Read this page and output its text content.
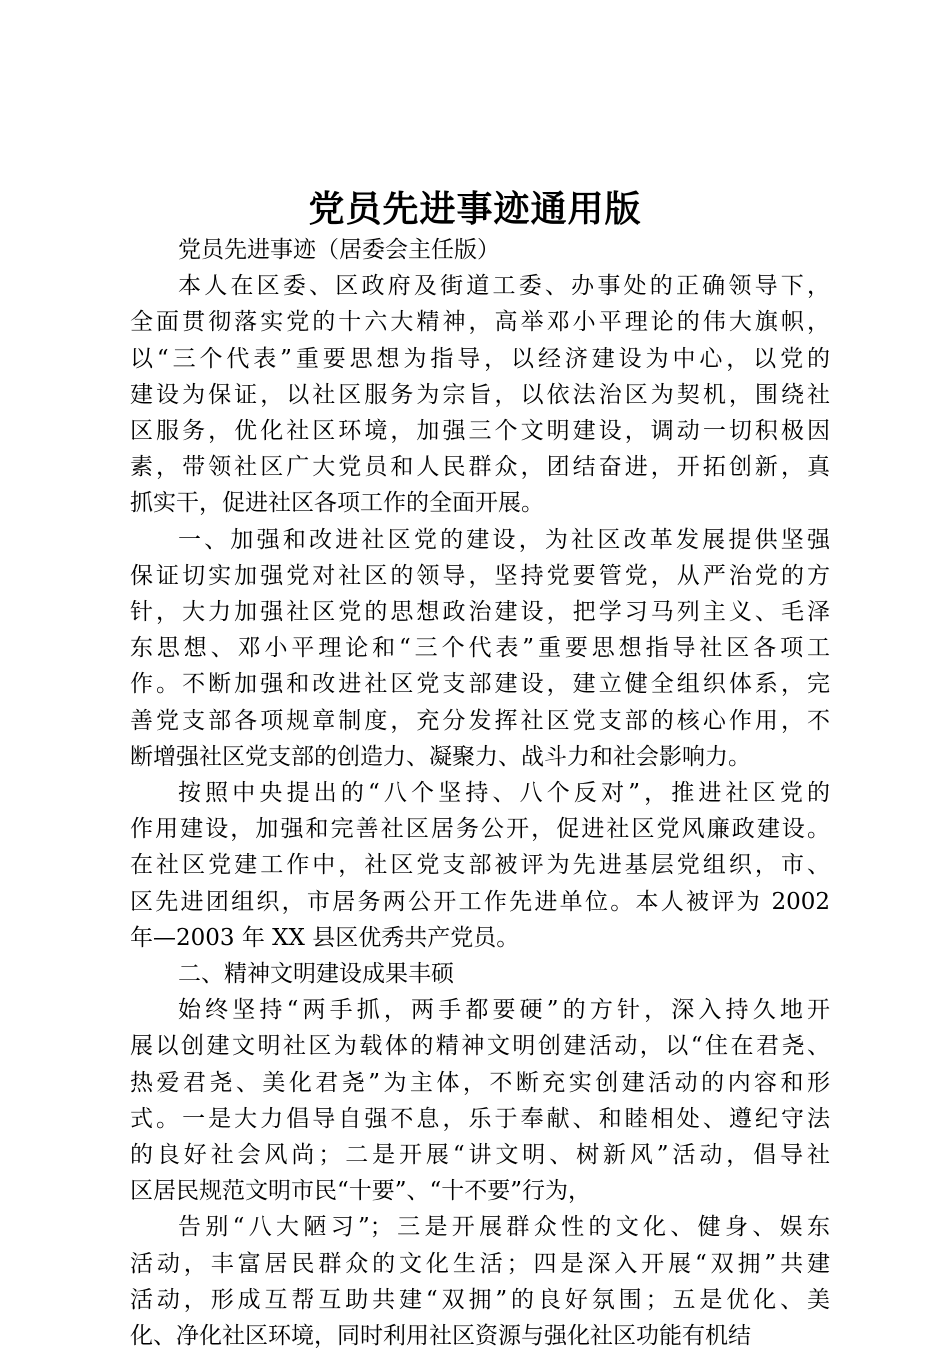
党员先进事迹通用版
党员先进事迹（居委会主任版）
本人在区委、区政府及街道工委、办事处的正确领导下，
全面贯彻落实党的十六大精神，高举邓小平理论的伟大旗帜，
以“三个代表”重要思想为指导，以经济建设为中心，以党的
建设为保证，以社区服务为宗旨，以依法治区为契机，围绕社
区服务，优化社区环境，加强三个文明建设，调动一切积极因
素，带领社区广大党员和人民群众，团结奋进，开拓创新，真
抓实干，促进社区各项工作的全面开展。
一、加强和改进社区党的建设，为社区改革发展提供坚强
保证切实加强党对社区的领导，坚持党要管党，从严治党的方
针，大力加强社区党的思想政治建设，把学习马列主义、毛泽
东思想、邓小平理论和“三个代表”重要思想指导社区各项工
作。不断加强和改进社区党支部建设，建立健全组织体系，完
善党支部各项规章制度，充分发挥社区党支部的核心作用，不
断增强社区党支部的创造力、凝聚力、战斗力和社会影响力。
按照中央提出的“八个坚持、八个反对”，推进社区党的
作用建设，加强和完善社区居务公开，促进社区党风廉政建设。
在社区党建工作中，社区党支部被评为先进基层党组织，市、
区先进团组织，市居务两公开工作先进单位。本人被评为 2002
年—2003 年 XX 县区优秀共产党员。
二、精神文明建设成果丰硕
始终坚持“两手抓，两手都要硬”的方针，深入持久地开
展以创建文明社区为载体的精神文明创建活动，以“住在君尧、
热爱君尧、美化君尧”为主体，不断充实创建活动的内容和形
式。一是大力倡导自强不息，乐于奉献、和睦相处、遵纪守法
的良好社会风尚；二是开展“讲文明、树新风”活动，倡导社
区居民规范文明市民“十要”、“十不要”行为，
告别“八大陋习”；三是开展群众性的文化、健身、娱东
活动，丰富居民群众的文化生活；四是深入开展“双拥”共建
活动，形成互帮互助共建“双拥”的良好氛围；五是优化、美
化、净化社区环境，同时利用社区资源与强化社区功能有机结
